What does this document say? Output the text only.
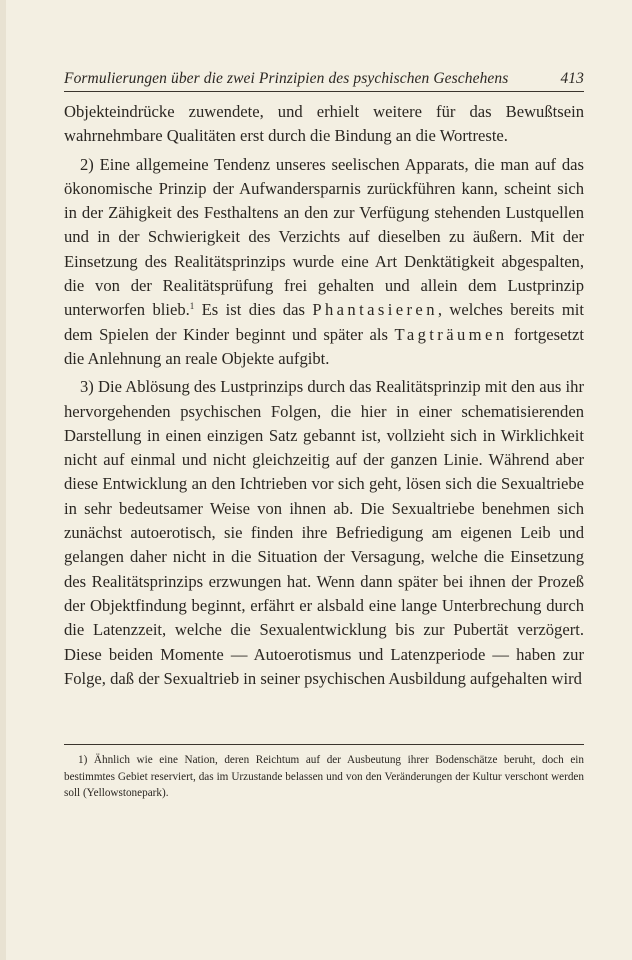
Formulierungen über die zwei Prinzipien des psychischen Geschehens	413

Objekteindrücke zuwendete, und erhielt weitere für das Bewußtsein wahrnehmbare Qualitäten erst durch die Bindung an die Wortreste.

2) Eine allgemeine Tendenz unseres seelischen Apparats, die man auf das ökonomische Prinzip der Aufwandersparnis zurückführen kann, scheint sich in der Zähigkeit des Festhaltens an den zur Verfügung stehenden Lustquellen und in der Schwierigkeit des Verzichts auf dieselben zu äußern. Mit der Einsetzung des Realitätsprinzips wurde eine Art Denktätigkeit abgespalten, die von der Realitätsprüfung frei gehalten und allein dem Lustprinzip unterworfen blieb.$^1$ Es ist dies das Phantasieren, welches bereits mit dem Spielen der Kinder beginnt und später als Tagträumen fortgesetzt die Anlehnung an reale Objekte aufgibt.

3) Die Ablösung des Lustprinzips durch das Realitätsprinzip mit den aus ihr hervorgehenden psychischen Folgen, die hier in einer schematisierenden Darstellung in einen einzigen Satz gebannt ist, vollzieht sich in Wirklichkeit nicht auf einmal und nicht gleichzeitig auf der ganzen Linie. Während aber diese Entwicklung an den Ichtrieben vor sich geht, lösen sich die Sexualtriebe in sehr bedeutsamer Weise von ihnen ab. Die Sexualtriebe benehmen sich zunächst autoerotisch, sie finden ihre Befriedigung am eigenen Leib und gelangen daher nicht in die Situation der Versagung, welche die Einsetzung des Realitätsprinzips erzwungen hat. Wenn dann später bei ihnen der Prozeß der Objektfindung beginnt, erfährt er alsbald eine lange Unterbrechung durch die Latenzzeit, welche die Sexualentwicklung bis zur Pubertät verzögert. Diese beiden Momente — Autoerotismus und Latenzperiode — haben zur Folge, daß der Sexualtrieb in seiner psychischen Ausbildung aufgehalten wird

1) Ähnlich wie eine Nation, deren Reichtum auf der Ausbeutung ihrer Bodenschätze beruht, doch ein bestimmtes Gebiet reserviert, das im Urzustande belassen und von den Veränderungen der Kultur verschont werden soll (Yellowstonepark).
